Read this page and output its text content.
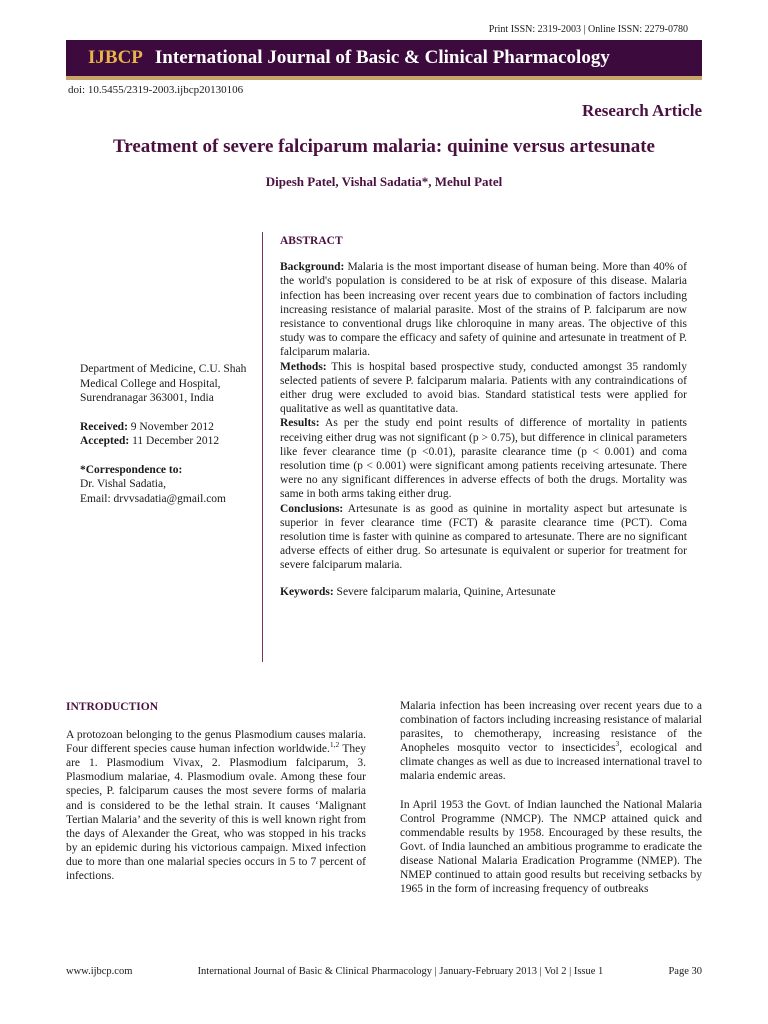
Print ISSN: 2319-2003 | Online ISSN: 2279-0780
IJBCP International Journal of Basic & Clinical Pharmacology
doi: 10.5455/2319-2003.ijbcp20130106
Research Article
Treatment of severe falciparum malaria: quinine versus artesunate
Dipesh Patel, Vishal Sadatia*, Mehul Patel

Department of Medicine, C.U. Shah Medical College and Hospital, Surendranagar 363001, India

Received: 9 November 2012

Accepted: 11 December 2012

*Correspondence to:

Dr. Vishal Sadatia,

Email: drvvsadatia@gmail.com

ABSTRACT

Background: Malaria is the most important disease of human being. More than 40% of the world's population is considered to be at risk of exposure of this disease. Malaria infection has been increasing over recent years due to combination of factors including increasing resistance of malarial parasite. Most of the strains of P. falciparum are now resistance to conventional drugs like chloroquine in many areas. The objective of this study was to compare the efficacy and safety of quinine and artesunate in treatment of P. falciparum malaria.

Methods: This is hospital based prospective study, conducted amongst 35 randomly selected patients of severe P. falciparum malaria. Patients with any contraindications of either drug were excluded to avoid bias. Standard statistical tests were applied for qualitative as well as quantitative data.

Results: As per the study end point results of difference of mortality in patients receiving either drug was not significant (p > 0.75), but difference in clinical parameters like fever clearance time (p <0.01), parasite clearance time (p < 0.001) and coma resolution time (p < 0.001) were significant among patients receiving artesunate. There were no any significant differences in adverse effects of both the drugs. Mortality was same in both arms taking either drug.

Conclusions: Artesunate is as good as quinine in mortality aspect but artesunate is superior in fever clearance time (FCT) & parasite clearance time (PCT). Coma resolution time is faster with quinine as compared to artesunate. There are no significant adverse effects of either drug. So artesunate is equivalent or superior for treatment for severe falciparum malaria.

Keywords: Severe falciparum malaria, Quinine, Artesunate

INTRODUCTION

A protozoan belonging to the genus Plasmodium causes malaria. Four different species cause human infection worldwide.$^{1,2}$ They are 1. Plasmodium Vivax, 2. Plasmodium falciparum, 3. Plasmodium malariae, 4. Plasmodium ovale. Among these four species, P. falciparum causes the most severe forms of malaria and is considered to be the lethal strain. It causes ‘Malignant Tertian Malaria’ and the severity of this is well known right from the days of Alexander the Great, who was stopped in his tracks by an epidemic during his victorious campaign. Mixed infection due to more than one malarial species occurs in 5 to 7 percent of infections.

Malaria infection has been increasing over recent years due to a combination of factors including increasing resistance of malarial parasites, to chemotherapy, increasing resistance of the Anopheles mosquito vector to insecticides$^3$, ecological and climate changes as well as due to increased international travel to malaria endemic areas.

In April 1953 the Govt. of Indian launched the National Malaria Control Programme (NMCP). The NMCP attained quick and commendable results by 1958. Encouraged by these results, the Govt. of India launched an ambitious programme to eradicate the disease National Malaria Eradication Programme (NMEP). The NMEP continued to attain good results but receiving setbacks by 1965 in the form of increasing frequency of outbreaks

www.ijbcp.com	International Journal of Basic & Clinical Pharmacology | January-February 2013 | Vol 2 | Issue 1	Page 30
